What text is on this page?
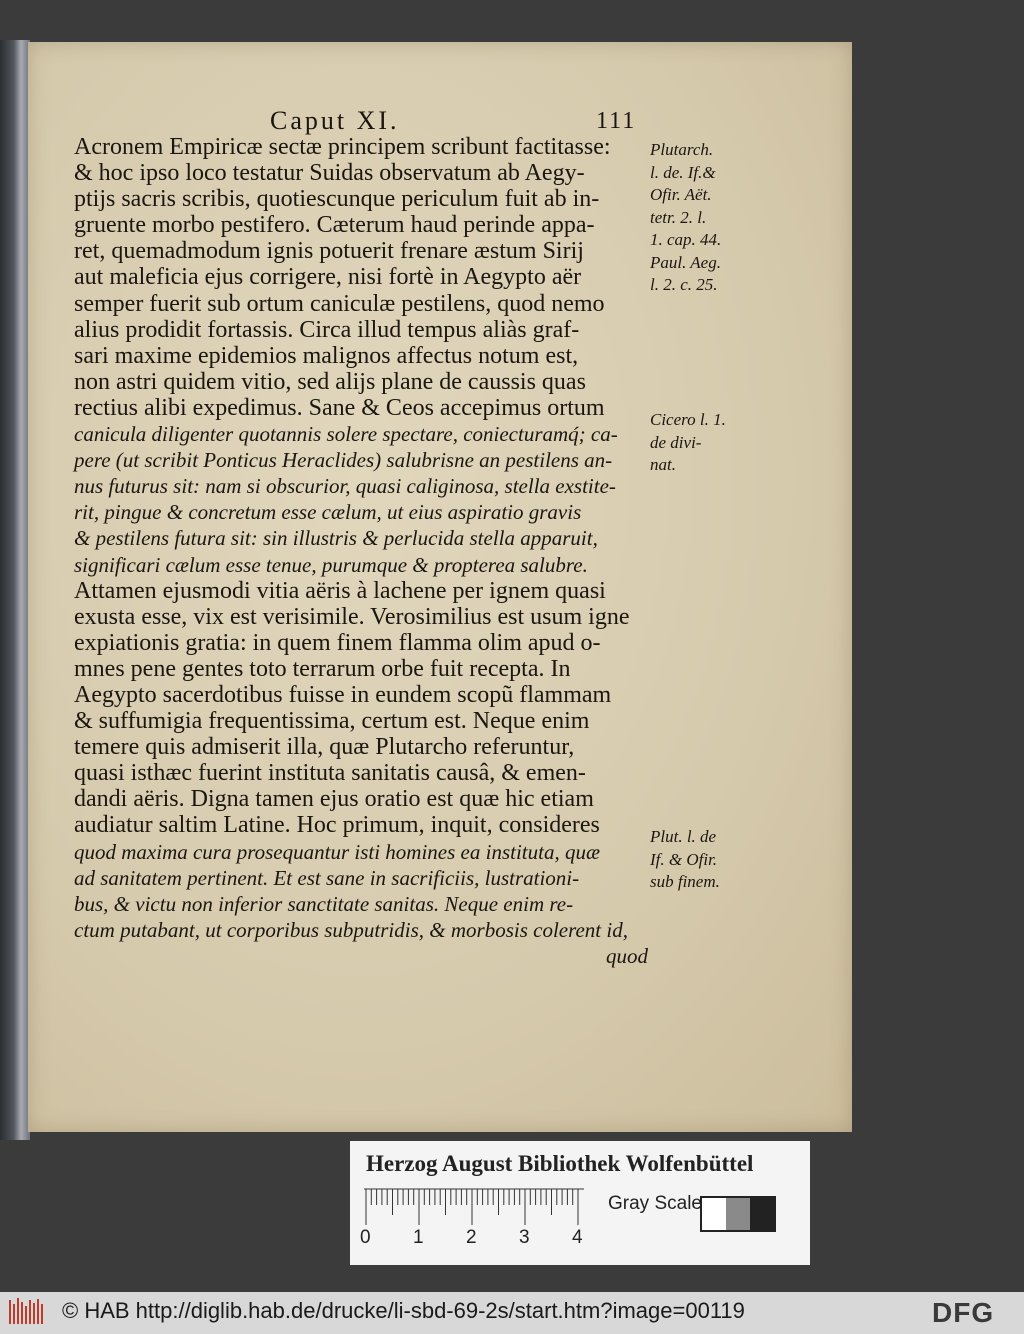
Caput XI.	111
Acronem Empiricæ sectæ principem scribunt factitasse:
& hoc ipso loco testatur Suidas observatum ab Aegy-
ptijs sacris scribis, quotiescunque periculum fuit ab in-
gruente morbo pestifero. Cæterum haud perinde appa-
ret, quemadmodum ignis potuerit frenare æstum Sirij
aut maleficia ejus corrigere, nisi fortè in Aegypto aër
semper fuerit sub ortum caniculæ pestilens, quod nemo
alius prodidit fortassis. Circa illud tempus aliàs graf-
sari maxime epidemios malignos affectus notum est,
non astri quidem vitio, sed alijs plane de caussis quas
rectius alibi expedimus. Sane & Ceos accepimus ortum
canicula diligenter quotannis solere spectare, coniecturamq́; ca-
pere (ut scribit Ponticus Heraclides) salubrisne an pestilens an-
nus futurus sit: nam si obscurior, quasi caliginosa, stella exstite-
rit, pingue & concretum esse cælum, ut eius aspiratio gravis
& pestilens futura sit: sin illustris & perlucida stella apparuit,
significari cælum esse tenue, purumque & propterea salubre.
Attamen ejusmodi vitia aëris à lachene per ignem quasi
exusta esse, vix est verisimile. Verosimilius est usum igne
expiationis gratia: in quem finem flamma olim apud o-
mnes pene gentes toto terrarum orbe fuit recepta. In
Aegypto sacerdotibus fuisse in eundem scopũ flammam
& suffumigia frequentissima, certum est. Neque enim
temere quis admiserit illa, quæ Plutarcho referuntur,
quasi isthæc fuerint instituta sanitatis causâ, & emen-
dandi aëris. Digna tamen ejus oratio est quæ hic etiam
audiatur saltim Latine. Hoc primum, inquit, consideres
quod maxima cura prosequantur isti homines ea instituta, quæ
ad sanitatem pertinent. Et est sane in sacrificiis, lustrationi-
bus, & victu non inferior sanctitate sanitas. Neque enim re-
ctum putabant, ut corporibus subputridis, & morbosis colerent id,
quod
Plutarch.
l. de. If.&
Ofir. Aët.
tetr. 2. l.
1. cap. 44.
Paul. Aeg.
l. 2. c. 25.
Cicero l. 1.
de divi-
nat.
Plut. l. de
If. & Ofir.
sub finem.
Herzog August Bibliothek Wolfenbüttel
0 1 2 3 4
Gray Scale
© HAB http://diglib.hab.de/drucke/li-sbd-69-2s/start.htm?image=00119	DFG
